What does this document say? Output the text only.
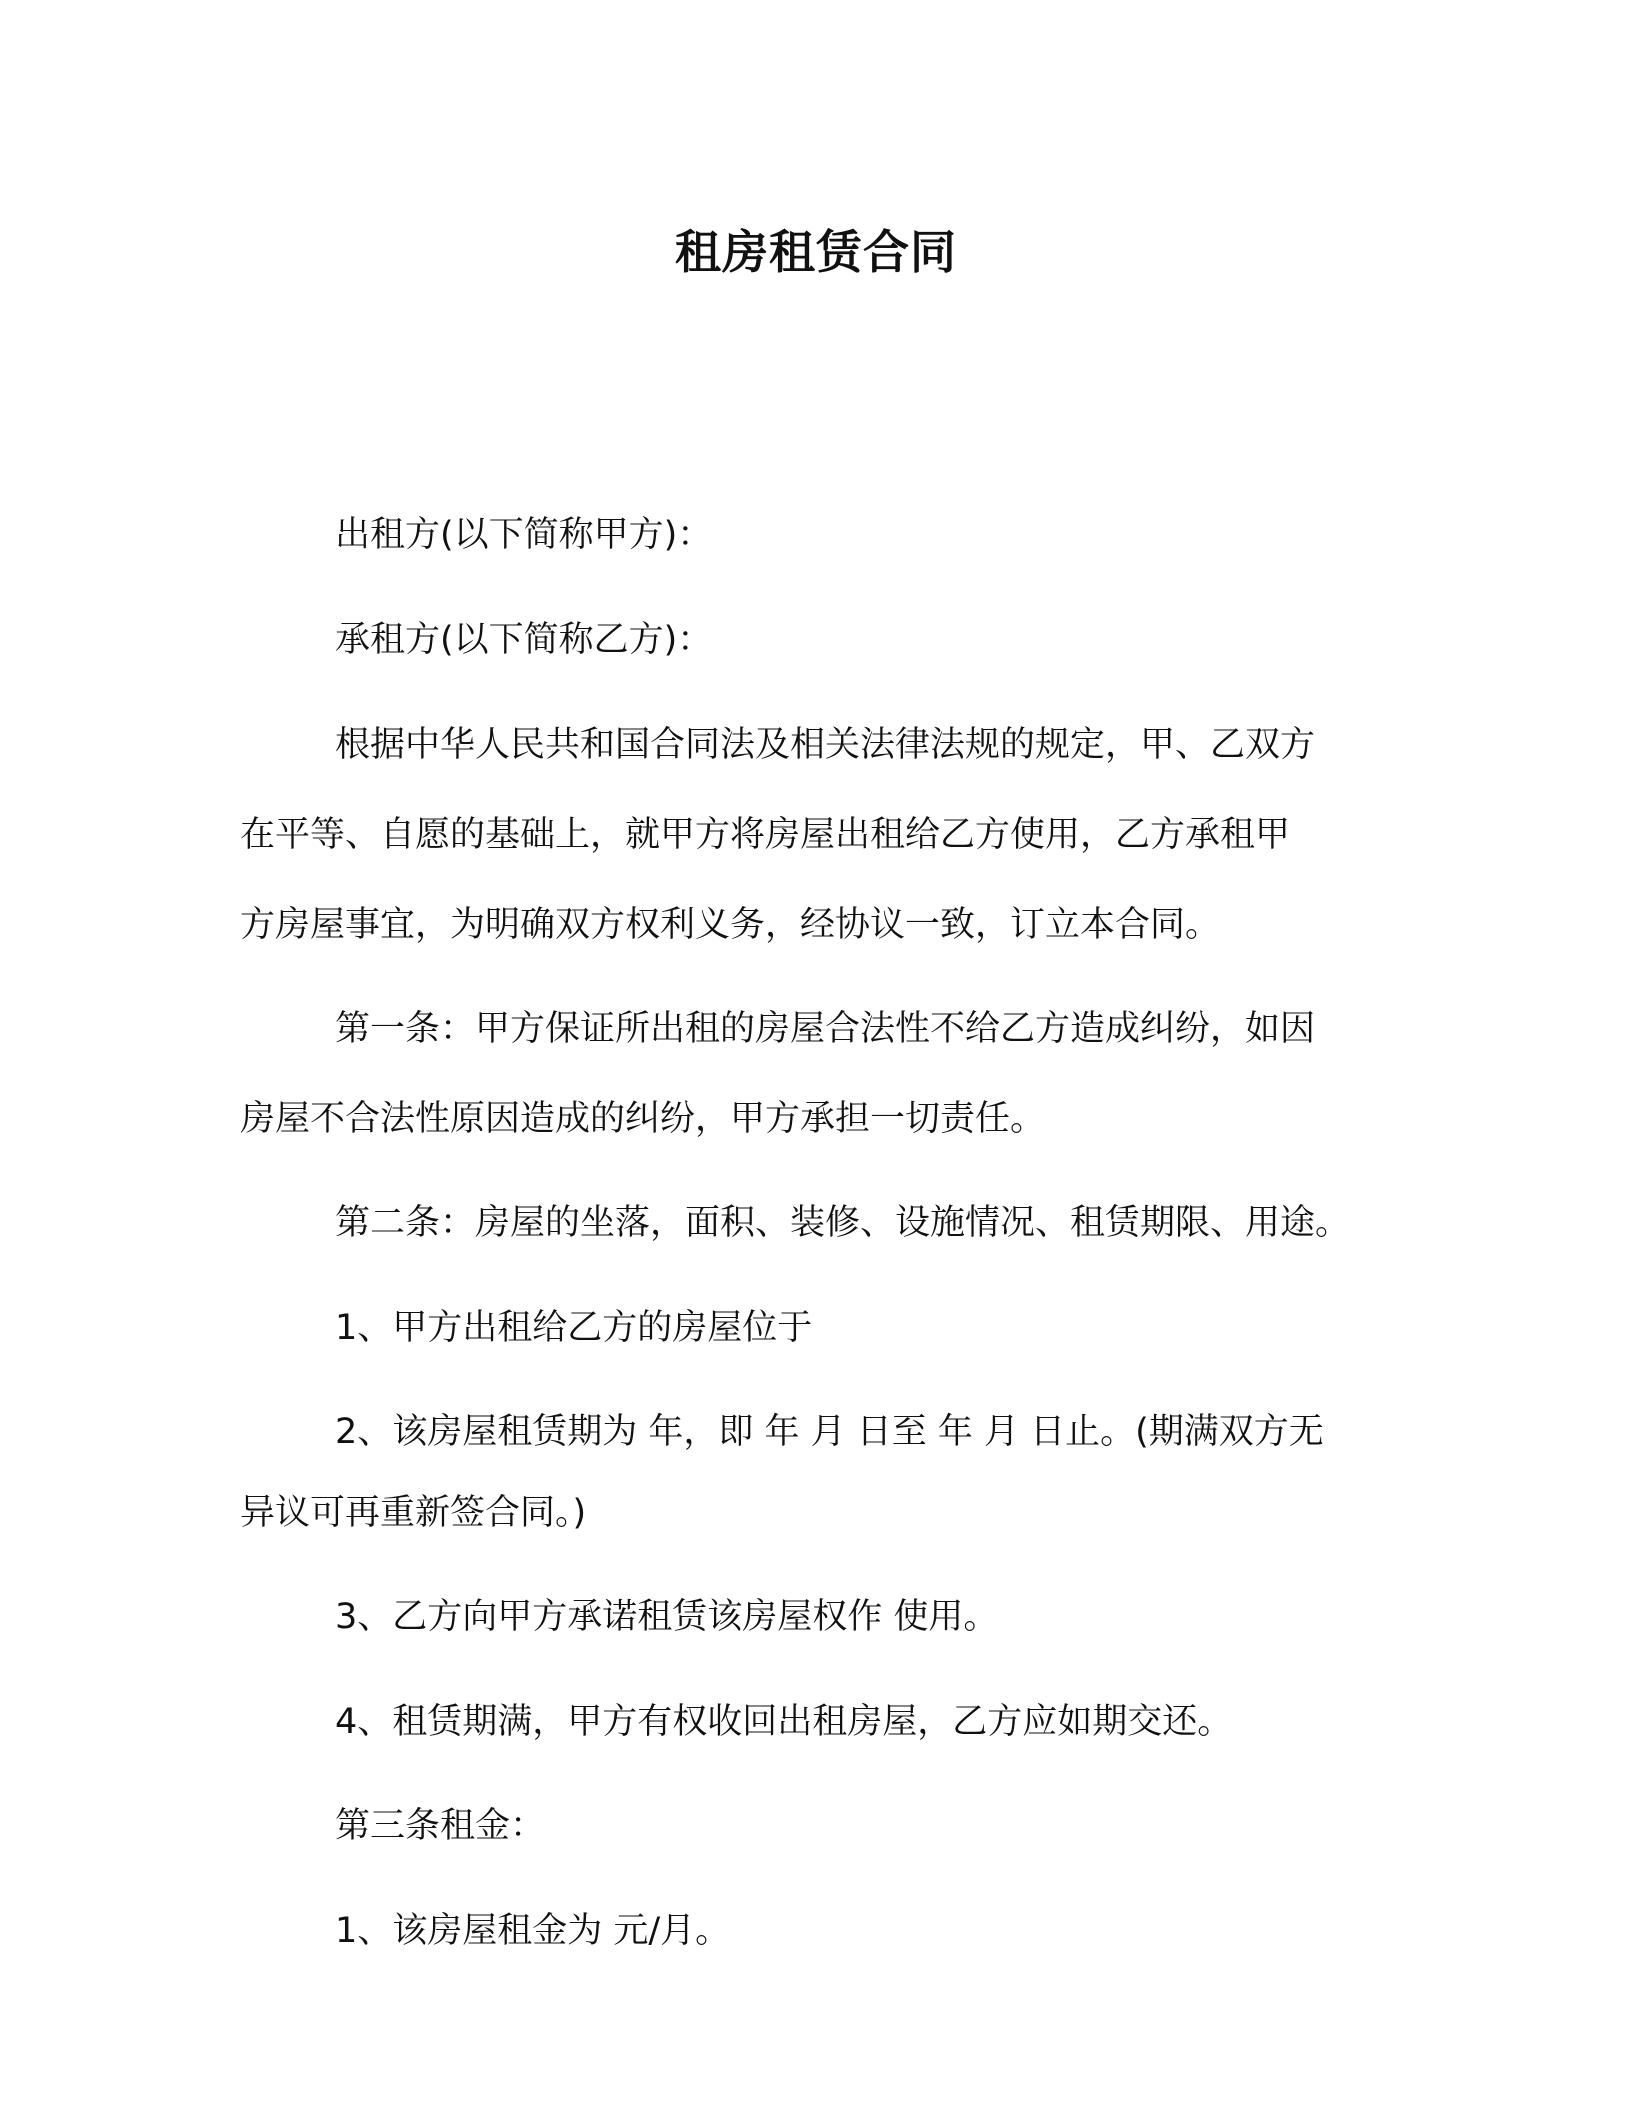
租房租赁合同
出租方(以下简称甲方)：
承租方(以下简称乙方)：
根据中华人民共和国合同法及相关法律法规的规定，甲、乙双方
在平等、自愿的基础上，就甲方将房屋出租给乙方使用，乙方承租甲
方房屋事宜，为明确双方权利义务，经协议一致，订立本合同。
第一条：甲方保证所出租的房屋合法性不给乙方造成纠纷，如因
房屋不合法性原因造成的纠纷，甲方承担一切责任。
第二条：房屋的坐落，面积、装修、设施情况、租赁期限、用途。
1、甲方出租给乙方的房屋位于
2、该房屋租赁期为 年，即 年 月 日至 年 月 日止。(期满双方无
异议可再重新签合同。)
3、乙方向甲方承诺租赁该房屋权作 使用。
4、租赁期满，甲方有权收回出租房屋，乙方应如期交还。
第三条租金：
1、该房屋租金为 元/月。
